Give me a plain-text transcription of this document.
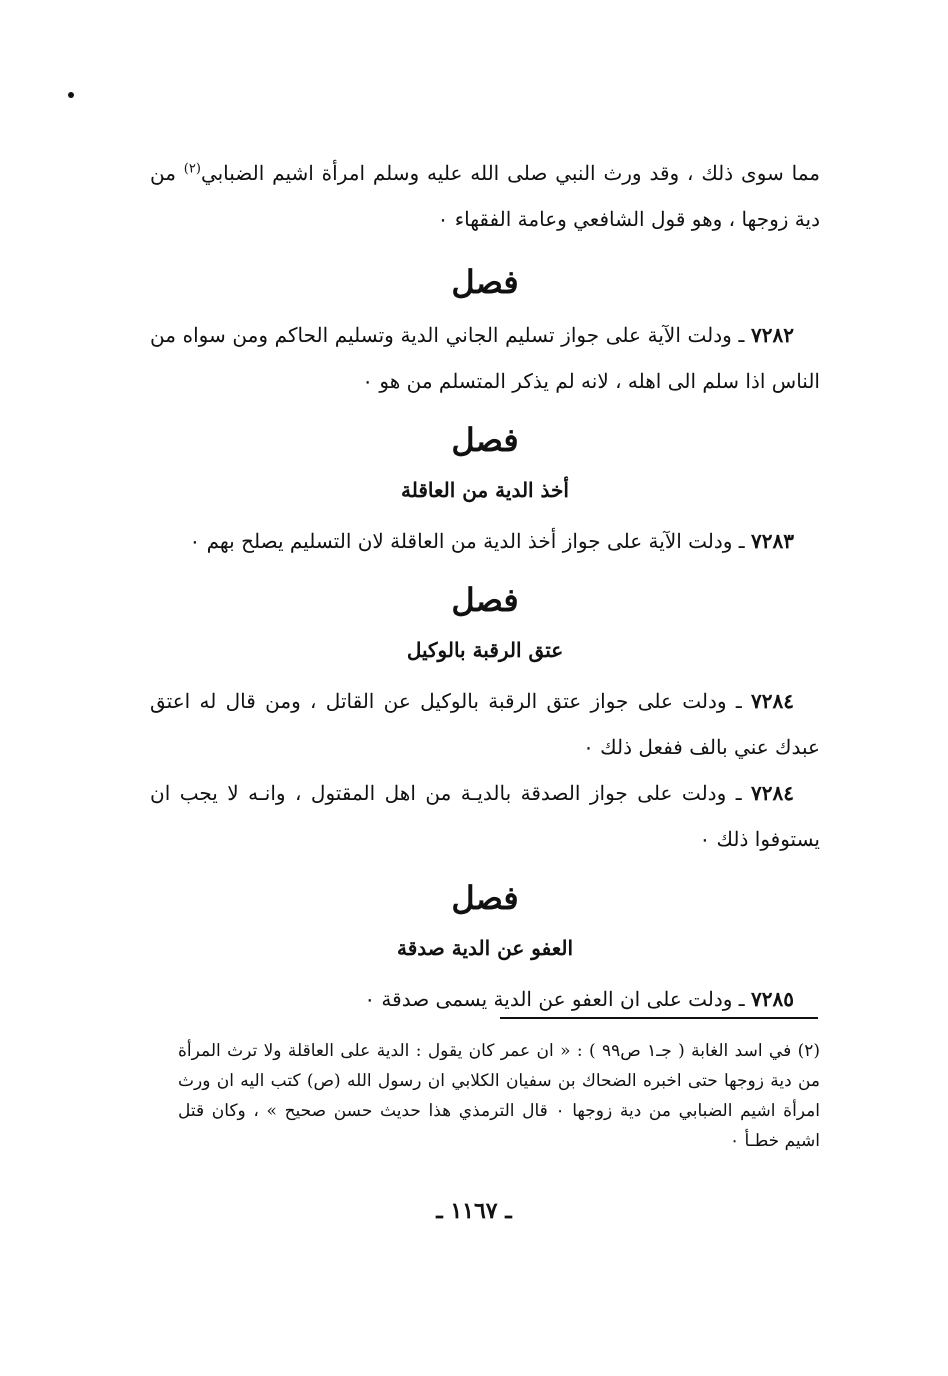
مما سوى ذلك ، وقد ورث النبي صلى الله عليه وسلم امرأة اشيم الضبابي$^{(٢)}$ من دية زوجها ، وهو قول الشافعي وعامة الفقهاء ٠

فصل

٧٢٨٢ ـ ودلت الآية على جواز تسليم الجاني الدية وتسليم الحاكم ومن سواه من الناس اذا سلم الى اهله ، لانه لم يذكر المتسلم من هو ٠

فصل
أخذ الدية من العاقلة

٧٢٨٣ ـ ودلت الآية على جواز أخذ الدية من العاقلة لان التسليم يصلح بهم ٠

فصل
عتق الرقبة بالوكيل

٧٢٨٤ ـ ودلت على جواز عتق الرقبة بالوكيل عن القاتل ، ومن قال له اعتق عبدك عني بالف ففعل ذلك ٠

٧٢٨٤ ـ ودلت على جواز الصدقة بالديـة من اهل المقتول ، وانـه لا يجب ان يستوفوا ذلك ٠

فصل
العفو عن الدية صدقة

٧٢٨٥ ـ ودلت على ان العفو عن الدية يسمى صدقة ٠

(٢) في اسد الغابة ( جـ١ ص٩٩ ) : « ان عمر كان يقول : الدية على العاقلة ولا ترث المرأة من دية زوجها حتى اخبره الضحاك بن سفيان الكلابي ان رسول الله (ص) كتب اليه ان ورث امرأة اشيم الضبابي من دية زوجها ٠ قال الترمذي هذا حديث حسن صحيح » ، وكان قتل اشيم خطـأ ٠
ـ ١١٦٧ ـ
